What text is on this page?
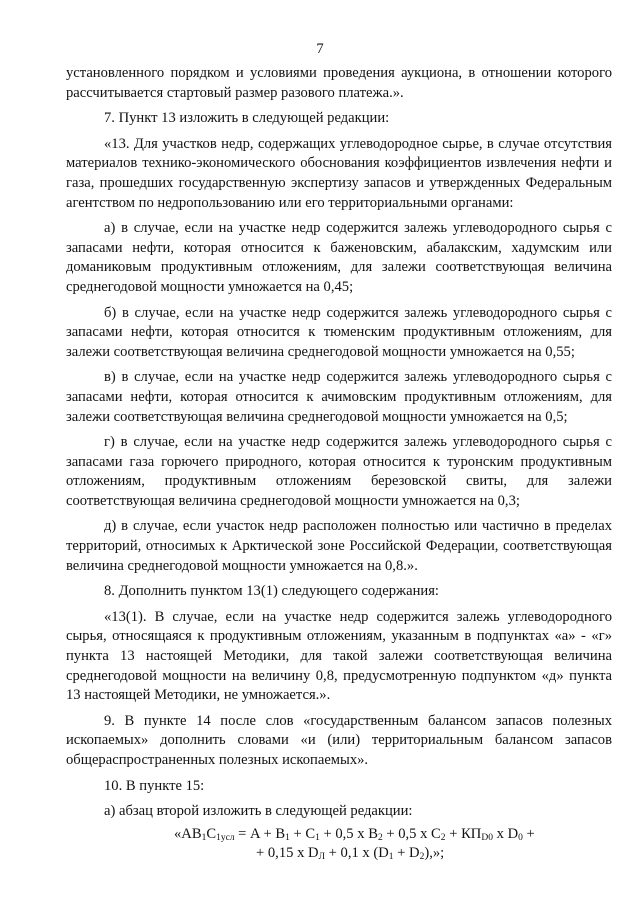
7

установленного порядком и условиями проведения аукциона, в отношении которого рассчитывается стартовый размер разового платежа.».

7. Пункт 13 изложить в следующей редакции:

«13. Для участков недр, содержащих углеводородное сырье, в случае отсутствия материалов технико-экономического обоснования коэффициентов извлечения нефти и газа, прошедших государственную экспертизу запасов и утвержденных Федеральным агентством по недропользованию или его территориальными органами:

а) в случае, если на участке недр содержится залежь углеводородного сырья с запасами нефти, которая относится к баженовским, абалакским, хадумским или доманиковым продуктивным отложениям, для залежи соответствующая величина среднегодовой мощности умножается на 0,45;

б) в случае, если на участке недр содержится залежь углеводородного сырья с запасами нефти, которая относится к тюменским продуктивным отложениям, для залежи соответствующая величина среднегодовой мощности умножается на 0,55;

в) в случае, если на участке недр содержится залежь углеводородного сырья с запасами нефти, которая относится к ачимовским продуктивным отложениям, для залежи соответствующая величина среднегодовой мощности умножается на 0,5;

г) в случае, если на участке недр содержится залежь углеводородного сырья с запасами газа горючего природного, которая относится к туронским продуктивным отложениям, продуктивным отложениям березовской свиты, для залежи соответствующая величина среднегодовой мощности умножается на 0,3;

д) в случае, если участок недр расположен полностью или частично в пределах территорий, относимых к Арктической зоне Российской Федерации, соответствующая величина среднегодовой мощности умножается на 0,8.».

8. Дополнить пунктом 13(1) следующего содержания:

«13(1). В случае, если на участке недр содержится залежь углеводородного сырья, относящаяся к продуктивным отложениям, указанным в подпунктах «а» - «г» пункта 13 настоящей Методики, для такой залежи соответствующая величина среднегодовой мощности на величину 0,8, предусмотренную подпунктом «д» пункта 13 настоящей Методики, не умножается.».

9. В пункте 14 после слов «государственным балансом запасов полезных ископаемых» дополнить словами «и (или) территориальным балансом запасов общераспространенных полезных ископаемых».

10. В пункте 15:

а) абзац второй изложить в следующей редакции:

«$AB_1C_{1усл} = A + B_1 + C_1 + 0,5$ x $B_2 + 0,5$ x $C_2 + КП_{D0}$ x $D_0$ +
+ 0,15 x $D_Л + 0,1$ x $(D_1 + D_2)$,»;
